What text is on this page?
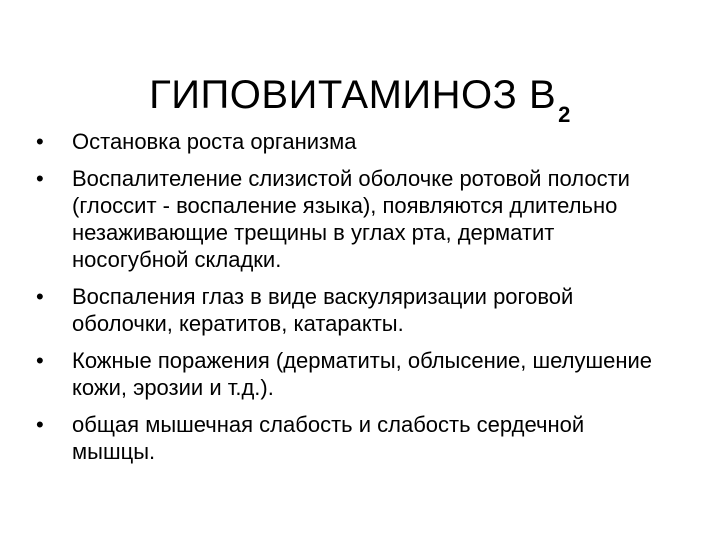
ГИПОВИТАМИНОЗ $В_2$
•	Остановка роста организма
•	Воспалителение слизистой оболочке ротовой полости (глоссит - воспаление языка), появляются длительно незаживающие трещины в углах рта, дерматит носогубной складки.
•	Воспаления глаз в виде васкуляризации роговой оболочки, кератитов, катаракты.
•	Кожные поражения (дерматиты, облысение, шелушение кожи, эрозии и т.д.).
•	общая мышечная слабость и слабость сердечной мышцы.
